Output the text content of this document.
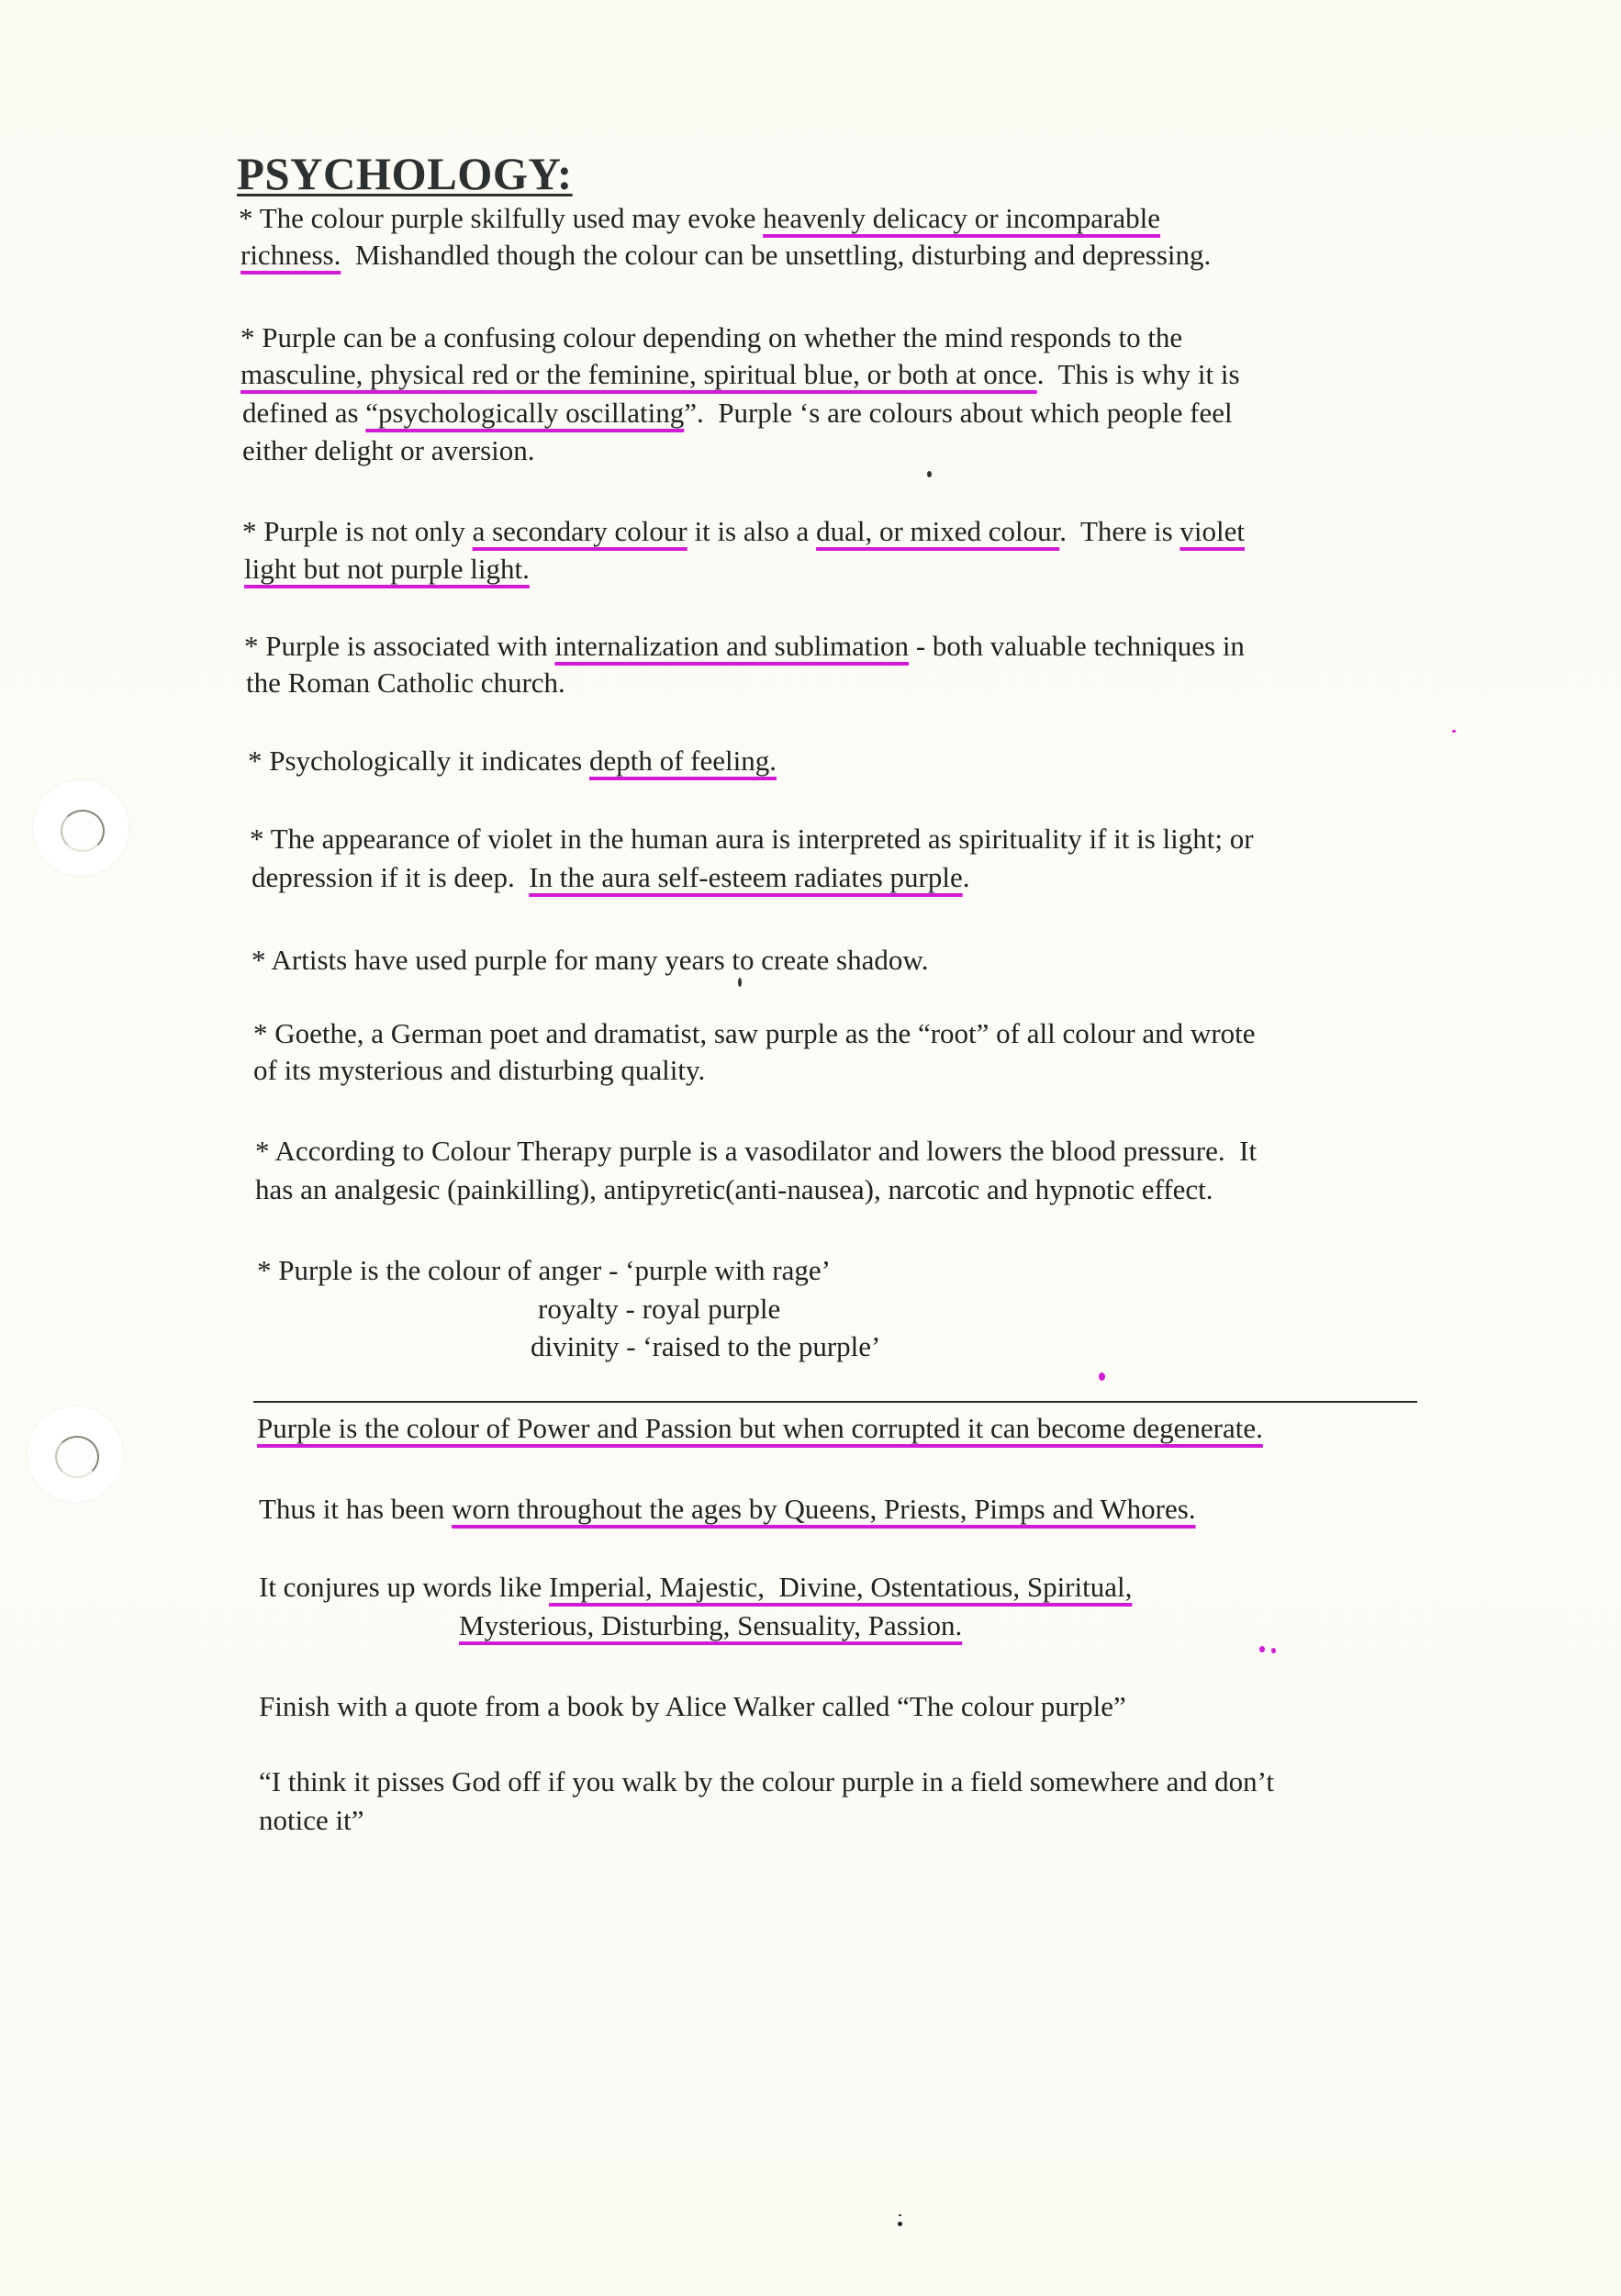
PSYCHOLOGY:
* The colour purple skilfully used may evoke heavenly delicacy or incomparable
richness.  Mishandled though the colour can be unsettling, disturbing and depressing.
* Purple can be a confusing colour depending on whether the mind responds to the
masculine, physical red or the feminine, spiritual blue, or both at once.  This is why it is
defined as “psychologically oscillating”.  Purple ‘s are colours about which people feel
either delight or aversion.
* Purple is not only a secondary colour it is also a dual, or mixed colour.  There is violet
light but not purple light.
* Purple is associated with internalization and sublimation - both valuable techniques in
the Roman Catholic church.
* Psychologically it indicates depth of feeling.
* The appearance of violet in the human aura is interpreted as spirituality if it is light; or
depression if it is deep.  In the aura self-esteem radiates purple.
* Artists have used purple for many years to create shadow.
* Goethe, a German poet and dramatist, saw purple as the “root” of all colour and wrote
of its mysterious and disturbing quality.
* According to Colour Therapy purple is a vasodilator and lowers the blood pressure.  It
has an analgesic (painkilling), antipyretic(anti-nausea), narcotic and hypnotic effect.
* Purple is the colour of anger - ‘purple with rage’
royalty - royal purple
divinity - ‘raised to the purple’
Purple is the colour of Power and Passion but when corrupted it can become degenerate.
Thus it has been worn throughout the ages by Queens, Priests, Pimps and Whores.
It conjures up words like Imperial, Majestic,  Divine, Ostentatious, Spiritual,
Mysterious, Disturbing, Sensuality, Passion.
Finish with a quote from a book by Alice Walker called “The colour purple”
“I think it pisses God off if you walk by the colour purple in a field somewhere and don’t
notice it”
